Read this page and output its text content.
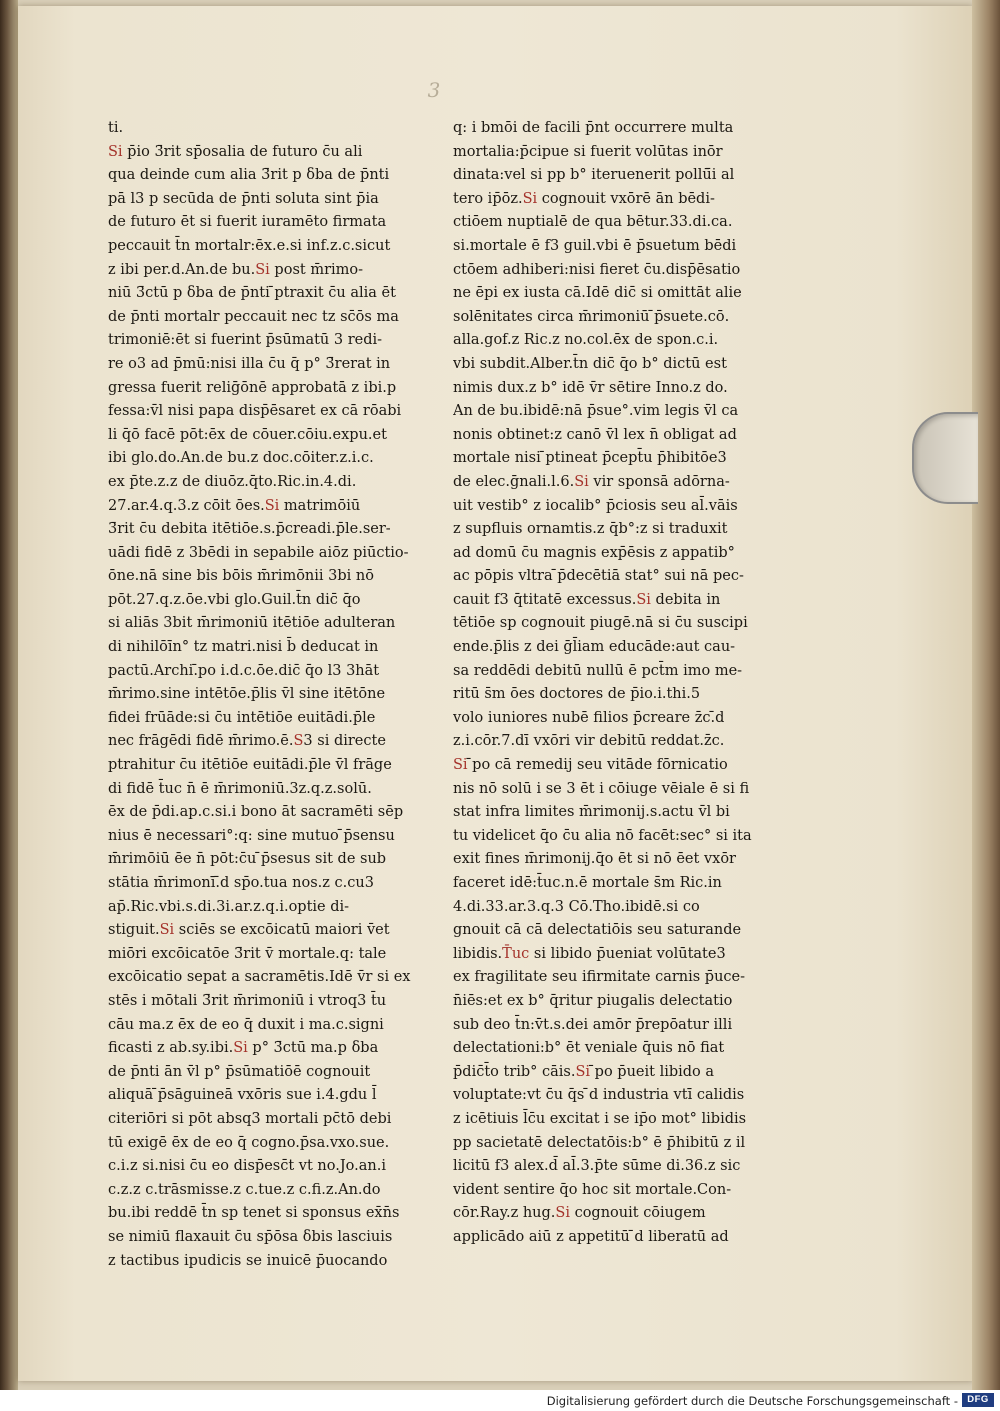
3
ti.
Si p̄io 3̄rit sp̄osalia de futuro c̄u ali
qua deinde cum alia 3̄rit p ẟba de p̄nti
̄pā l3 p secūda de p̄nti soluta sint p̄ia
de futuro ēt si fuerit iuramēto firmata
peccauit t̄n mortalr:ēx.e.si inf.z.c.sicut
z ibi per.d.An.de bu.Si post m̄rimo-
niū 3̄ctū p ẟba de p̄nti ̄ptraxit c̄u alia ēt
de p̄nti mortalr peccauit nec tz sc̄ōs ma
trimoniē:ēt si fuerint p̄sūmatū 3 redi-
re o3 ad p̄mū:nisi illa c̄u q̄ p° 3̄rerat in
gressa fuerit reliḡōnē approbatā z ibi.p
fessa:v̄l nisi papa disp̄ēsaret ex cā rōabi
li q̄ō facē pōt:ēx de cōuer.cōiu.expu.et
ibi glo.do.An.de bu.z doc.cōiter.z.i.c.
ex p̄te.z.z de diuōz.q̄to.Ric.in.4.di.
27.ar.4.q.3.z cōit ōes.Si matrimōiū
3̄rit c̄u debita itētiōe.s.p̄creadi.p̄le.ser-
uādi fidē z 3bēdi in sepabile aiōz piūctio-
ōne.nā sine bis bōis m̄rimōnii 3bi nō
pōt.27.q.z.ōe.vbi glo.Guil.t̄n dic̄ q̄o
si aliās 3bit m̄rimoniū itētiōe adulteran
di nihilōīn° tz matri.nisi b̄ deducat in
pactū.Archi.̄po i.d.c.ōe.dic̄ q̄o l3 3hāt
m̄rimo.sine intētōe.p̄lis v̄l sine itētōne
fidei frūāde:si c̄u intētiōe euitādi.p̄le
nec frāgēdi fidē m̄rimo.ē.S3 si directe
̄ptrahitur c̄u itētiōe euitādi.p̄le v̄l frāge
di fidē t̄uc n̄ ē m̄rimoniū.3z.q.z.solū.
ēx de p̄di.ap.c.si.i bono āt sacramēti sēp
nius ē necessari°:q: sine mutuo ̄p̄sensu
m̄rimōiū ēe n̄ pōt:c̄u ̄p̄sesus sit de sub
stātia m̄rimonī.̄d sp̄o.tua nos.z c.cu3
ap̄.Ric.vbi.s.di.3i.ar.z.q.i.optie di-
stiguit.Si sciēs se excōicatū maiori v̄et
miōri excōicatōe 3̄rit v̄ mortale.q: tale
excōicatio sepat a sacramētis.Idē v̄r si ex
stēs i mōtali 3̄rit m̄rimoniū i vtroq3 t̄u
cāu ma.z ēx de eo q̄ duxit i ma.c.signi
ficasti z ab.sy.ibi.Si p° 3̄ctū ma.p ẟba
de p̄nti ān v̄l p° p̄sūmatiōē cognouit
aliquā ̄p̄sāguineā vxōris sue i.4.gdu l̄
citeriōri si pōt absq3 mortali pc̄tō debi
tū exigē ēx de eo q̄ cogno.p̄sa.vxo.sue.
c.i.z si.nisi c̄u eo disp̄esc̄t vt no.Jo.an.i
c.z.z c.trāsmisse.z c.tue.z c.fi.z.An.do
bu.ibi reddē t̄n sp tenet si sponsus ex̄n̄s
se nimiū flaxauit c̄u sp̄ōsa ẟbis lasciuis
z tactibus ipudicis se inuicē p̄uocando
q: i bmōi de facili p̄nt occurrere multa
mortalia:p̄cipue si fuerit volūtas inōr
dinata:vel si pp b° iteruenerit pollū̄i al
tero ip̄ōz.Si cognouit vxōrē ān bēdi-
ctiōem nuptialē de qua bētur.33.di.ca.
si.mortale ē f3 guil.vbi ē p̄suetum bēdi
ctōem adhiberi:nisi fieret c̄u.disp̄ēsatio
ne ēpi ex iusta cā.Idē dic̄ si omittāt alie
solēnitates circa m̄rimoniū ̄p̄suete.cō.
alla.gof.z Ric.z no.col.ēx de spon.c.i.
vbi subdit.Alber.t̄n dic̄ q̄o b° dictū est
nimis dux.z b° idē v̄r sētire Inno.z do.
An de bu.ibidē:nā p̄sue°.vim legis v̄l ca
nonis obtinet:z canō v̄l lex n̄ obligat ad
mortale nisi ̄ptineat p̄cept̄u p̄hibitōe3
de elec.ḡnali.l.6.Si vir sponsā adōrna-
uit vestib° z iocalib° p̄ciosis seu al̄.vāis
z supfluis ornamtis.z q̄b°:z si traduxit
ad domū c̄u magnis exp̄ēsis z appatib°
ac pōpis vltra ̄p̄decētiā stat° sui nā pec-
cauit f3 q̄titatē excessus.Si debita in
tētiōe sp cognouit piugē.nā si c̄u suscipi
ende.p̄lis z dei ḡl̄iam educāde:aut cau-
sa reddēdi debitū nullū ē pct̄m imo me-
ritū s̄m ōes doctores de p̄io.i.thi.5
volo iuniores nubē filios p̄creare z̄c.̄d
z.i.cōr.7.dī vxōri vir debitū reddat.z̄c.
Si ̄po cā remedij seu vitāde fōrnicatio
nis nō solū i se 3 ēt i cōiuge vēiale ē si fi
stat infra limites m̄rimonij.s.actu v̄l bi
tu videlicet q̄o c̄u alia nō facēt:sec° si ita
exit fines m̄rimonij.q̄o ēt si nō ēet vxōr
faceret idē:t̄uc.n.ē mortale s̄m Ric.in
4.di.33.ar.3.q.3 Cō.Tho.ibidē.si co
gnouit cā cā delectatiōis seu saturande
libidis.T̄uc si libido p̄ueniat volūtate3
ex fragilitate seu ifirmitate carnis p̄uce-
n̄iēs:et ex b° q̄ritur piugalis delectatio
sub deo t̄n:v̄t.s.dei amōr p̄repōatur illi
delectationi:b° ēt veniale q̄uis nō fiat
p̄dic̄t̄o trib° cāis.Si ̄po p̄ueit libido a
voluptate:vt c̄u q̄s ̄d industria vtī calidis
z icētiuis l̄c̄u excitat i se ip̄o mot° libidis
pp sacietatē delectatōis:b° ē p̄hibitū z il
licitū f3 alex.d̄ al̄.3.p̄te sūme di.36.z sic
vident sentire q̄o hoc sit mortale.Con-
cōr.Ray.z hug.Si cognouit cōiugem
applicādo aiū z appetitū ̄d liberatū ad
Digitalisierung gefördert durch die Deutsche Forschungsgemeinschaft - DFG
